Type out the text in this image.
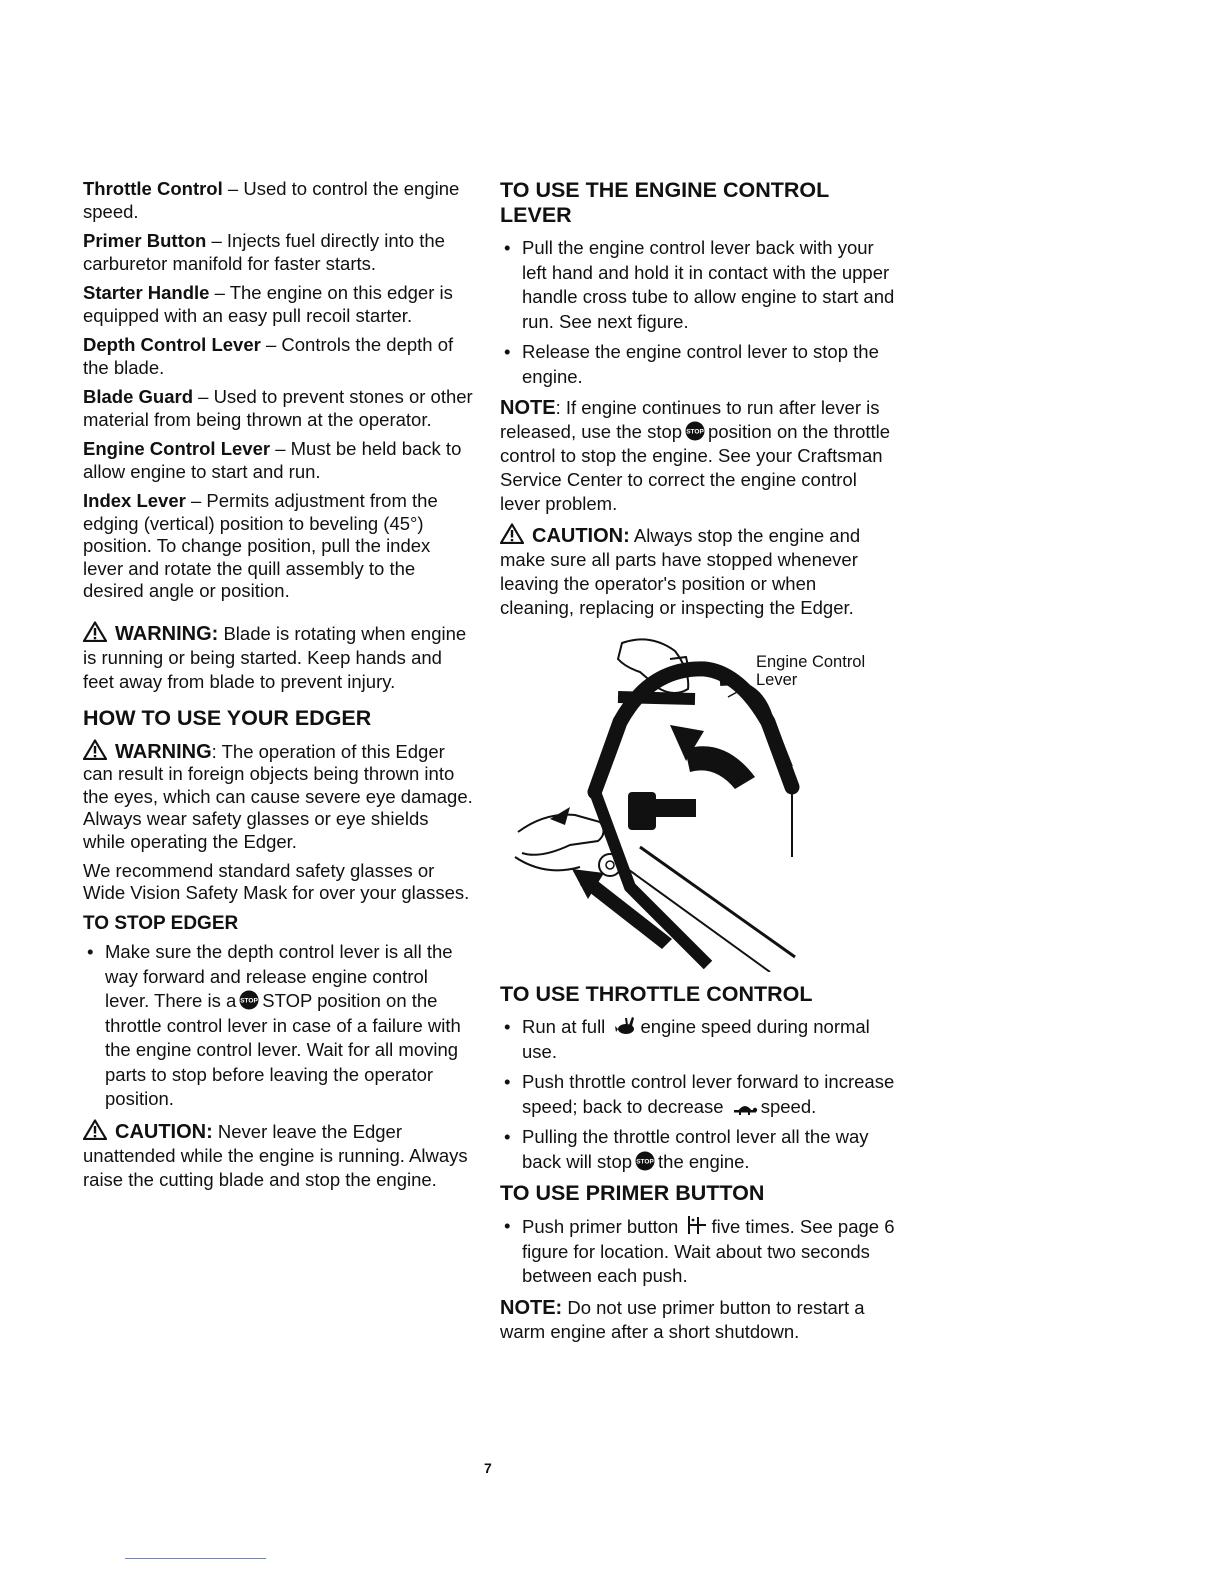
Throttle Control – Used to control the engine speed.

Primer Button – Injects fuel directly into the carburetor manifold for faster starts.

Starter Handle – The engine on this edger is equipped with an easy pull recoil starter.

Depth Control Lever – Controls the depth of the blade.

Blade Guard – Used to prevent stones or other material from being thrown at the operator.

Engine Control Lever – Must be held back to allow engine to start and run.

Index Lever – Permits adjustment from the edging (vertical) position to beveling (45°) position. To change position, pull the index lever and rotate the quill assembly to the desired angle or position.

WARNING: Blade is rotating when engine is running or being started. Keep hands and feet away from blade to prevent injury.

HOW TO USE YOUR EDGER

WARNING: The operation of this Edger can result in foreign objects being thrown into the eyes, which can cause severe eye damage. Always wear safety glasses or eye shields while operating the Edger.

We recommend standard safety glasses or Wide Vision Safety Mask for over your glasses.

TO STOP EDGER
• Make sure the depth control lever is all the way forward and release engine control lever. There is a STOP position on the throttle control lever in case of a failure with the engine control lever. Wait for all moving parts to stop before leaving the operator position.

CAUTION: Never leave the Edger unattended while the engine is running. Always raise the cutting blade and stop the engine.

TO USE THE ENGINE CONTROL LEVER
• Pull the engine control lever back with your left hand and hold it in contact with the upper handle cross tube to allow engine to start and run. See next figure.
• Release the engine control lever to stop the engine.

NOTE: If engine continues to run after lever is released, use the stop position on the throttle control to stop the engine. See your Craftsman Service Center to correct the engine control lever problem.

CAUTION: Always stop the engine and make sure all parts have stopped whenever leaving the operator's position or when cleaning, replacing or inspecting the Edger.

Engine Control
Lever
TO USE THROTTLE CONTROL
• Run at full engine speed during normal use.
• Push throttle control lever forward to increase speed; back to decrease speed.
• Pulling the throttle control lever all the way back will stop the engine.
TO USE PRIMER BUTTON
• Push primer button five times. See page 6 figure for location. Wait about two seconds between each push.

NOTE: Do not use primer button to restart a warm engine after a short shutdown.

7
